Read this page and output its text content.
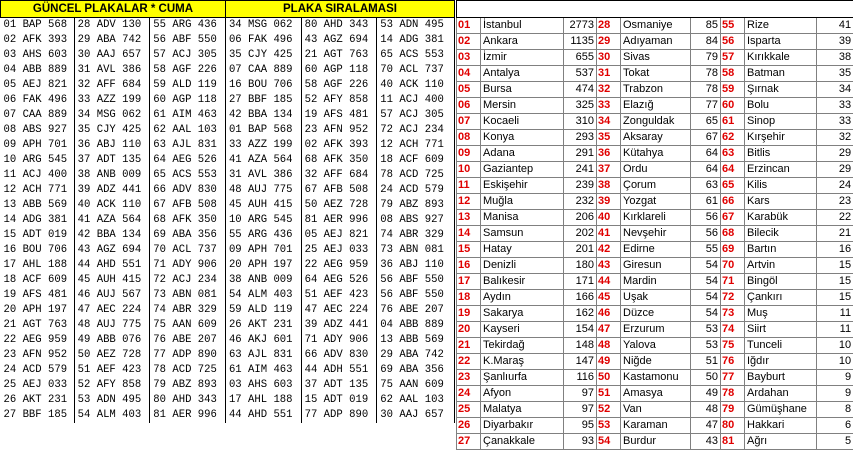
GÜNCEL PLAKALAR * CUMA			PLAKA SIRALAMASI		
01 BAP 568	28 ADV 130	55 ARG 436	34 MSG 062	80 AHD 343	53 ADN 495
02 AFK 393	29 ABA 742	56 ABF 550	06 FAK 496	43 AGZ 694	14 ADG 381
03 AHS 603	30 AAJ 657	57 ACJ 305	35 CJY 425	21 AGT 763	65 ACS 553
04 ABB 889	31 AVL 386	58 AGF 226	07 CAA 889	60 AGP 118	70 ACL 737
05 AEJ 821	32 AFF 684	59 ALD 119	16 BOU 706	58 AGF 226	40 ACK 110
06 FAK 496	33 AZZ 199	60 AGP 118	27 BBF 185	52 AFY 858	11 ACJ 400
07 CAA 889	34 MSG 062	61 AIM 463	42 BBA 134	19 AFS 481	57 ACJ 305
08 ABS 927	35 CJY 425	62 AAL 103	01 BAP 568	23 AFN 952	72 ACJ 234
09 APH 701	36 ABJ 110	63 AJL 831	33 AZZ 199	02 AFK 393	12 ACH 771
10 ARG 545	37 ADT 135	64 AEG 526	41 AZA 564	68 AFK 350	18 ACF 609
11 ACJ 400	38 ANB 009	65 ACS 553	31 AVL 386	32 AFF 684	78 ACD 725
12 ACH 771	39 ADZ 441	66 ADV 830	48 AUJ 775	67 AFB 508	24 ACD 579
13 ABB 569	40 ACK 110	67 AFB 508	45 AUH 415	50 AEZ 728	79 ABZ 893
14 ADG 381	41 AZA 564	68 AFK 350	10 ARG 545	81 AER 996	08 ABS 927
15 ADT 019	42 BBA 134	69 ABA 356	55 ARG 436	05 AEJ 821	74 ABR 329
16 BOU 706	43 AGZ 694	70 ACL 737	09 APH 701	25 AEJ 033	73 ABN 081
17 AHL 188	44 AHD 551	71 ADY 906	20 APH 197	22 AEG 959	36 ABJ 110
18 ACF 609	45 AUH 415	72 ACJ 234	38 ANB 009	64 AEG 526	56 ABF 550
19 AFS 481	46 AUJ 567	73 ABN 081	54 ALM 403	51 AEF 423	56 ABF 550
20 APH 197	47 AEC 224	74 ABR 329	59 ALD 119	47 AEC 224	76 ABE 207
21 AGT 763	48 AUJ 775	75 AAN 609	26 AKT 231	39 ADZ 441	04 ABB 889
22 AEG 959	49 ABB 076	76 ABE 207	46 AKJ 601	71 ADY 906	13 ABB 569
23 AFN 952	50 AEZ 728	77 ADP 890	63 AJL 831	66 ADV 830	29 ABA 742
24 ACD 579	51 AEF 423	78 ACD 725	61 AIM 463	44 ADH 551	69 ABA 356
25 AEJ 033	52 AFY 858	79 ABZ 893	03 AHS 603	37 ADT 135	75 AAN 609
26 AKT 231	53 ADN 495	80 AHD 343	17 AHL 188	15 ADT 019	62 AAL 103
27 BBF 185	54 ALM 403	81 AER 996	44 AHD 551	77 ADP 890	30 AAJ 657

01	İstanbul	2773	28	Osmaniye	85	55	Rize	41
02	Ankara	1135	29	Adıyaman	84	56	Isparta	39
03	İzmir	655	30	Sivas	79	57	Kırıkkale	38
04	Antalya	537	31	Tokat	78	58	Batman	35
05	Bursa	474	32	Trabzon	78	59	Şırnak	34
06	Mersin	325	33	Elazığ	77	60	Bolu	33
07	Kocaeli	310	34	Zonguldak	65	61	Sinop	33
08	Konya	293	35	Aksaray	67	62	Kırşehir	32
09	Adana	291	36	Kütahya	64	63	Bitlis	29
10	Gaziantep	241	37	Ordu	64	64	Erzincan	29
11	Eskişehir	239	38	Çorum	63	65	Kilis	24
12	Muğla	232	39	Yozgat	61	66	Kars	23
13	Manisa	206	40	Kırklareli	56	67	Karabük	22
14	Samsun	202	41	Nevşehir	56	68	Bilecik	21
15	Hatay	201	42	Edirne	55	69	Bartın	16
16	Denizli	180	43	Giresun	54	70	Artvin	15
17	Balıkesir	171	44	Mardin	54	71	Bingöl	15
18	Aydın	166	45	Uşak	54	72	Çankırı	15
19	Sakarya	162	46	Düzce	54	73	Muş	11
20	Kayseri	154	47	Erzurum	53	74	Siirt	11
21	Tekirdağ	148	48	Yalova	53	75	Tunceli	10
22	K.Maraş	147	49	Niğde	51	76	Iğdır	10
23	Şanlıurfa	116	50	Kastamonu	50	77	Bayburt	9
24	Afyon	97	51	Amasya	49	78	Ardahan	9
25	Malatya	97	52	Van	48	79	Gümüşhane	8
26	Diyarbakır	95	53	Karaman	47	80	Hakkari	6
27	Çanakkale	93	54	Burdur	43	81	Ağrı	5
